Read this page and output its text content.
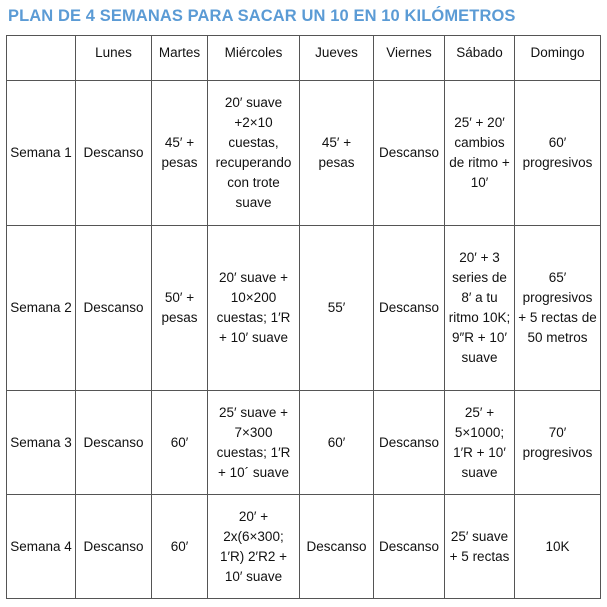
PLAN DE 4 SEMANAS PARA SACAR UN 10 EN 10 KILÓMETROS
	Lunes	Martes	Miércoles	Jueves	Viernes	Sábado	Domingo
Semana 1	Descanso	45′ + pesas	20′ suave +2×10 cuestas, recuperando con trote suave	45′ + pesas	Descanso	25′ + 20′ cambios de ritmo + 10′	60′ progresivos
Semana 2	Descanso	50′ + pesas	20′ suave + 10×200 cuestas; 1′R + 10′ suave	55′	Descanso	20′ + 3 series de 8′ a tu ritmo 10K; 9″R + 10′ suave	65′ progresivos + 5 rectas de 50 metros
Semana 3	Descanso	60′	25′ suave + 7×300 cuestas; 1′R + 10´ suave	60′	Descanso	25′ + 5×1000; 1′R + 10′ suave	70′ progresivos
Semana 4	Descanso	60′	20′ + 2x(6×300; 1′R) 2′R2 + 10′ suave	Descanso	Descanso	25′ suave + 5 rectas	10K
